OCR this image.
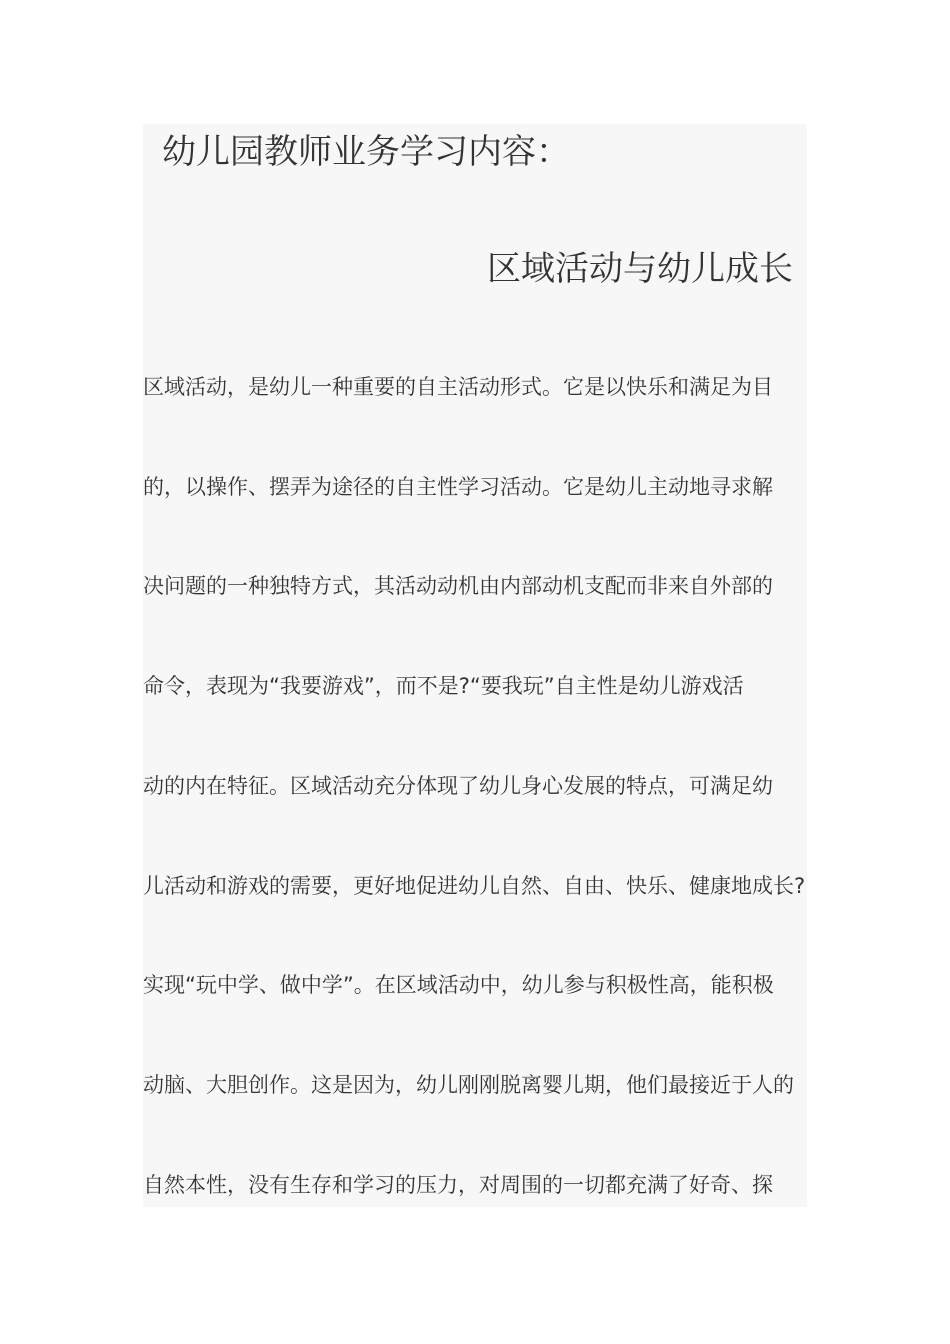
幼儿园教师业务学习内容：
区域活动与幼儿成长

区域活动，是幼儿一种重要的自主活动形式。它是以快乐和满足为目

的，以操作、摆弄为途径的自主性学习活动。它是幼儿主动地寻求解

决问题的一种独特方式，其活动动机由内部动机支配而非来自外部的

命令，表现为“我要游戏”，而不是?“要我玩”自主性是幼儿游戏活

动的内在特征。区域活动充分体现了幼儿身心发展的特点，可满足幼

儿活动和游戏的需要，更好地促进幼儿自然、自由、快乐、健康地成长?

实现“玩中学、做中学”。在区域活动中，幼儿参与积极性高，能积极

动脑、大胆创作。这是因为，幼儿刚刚脱离婴儿期，他们最接近于人的

自然本性，没有生存和学习的压力，对周围的一切都充满了好奇、探
